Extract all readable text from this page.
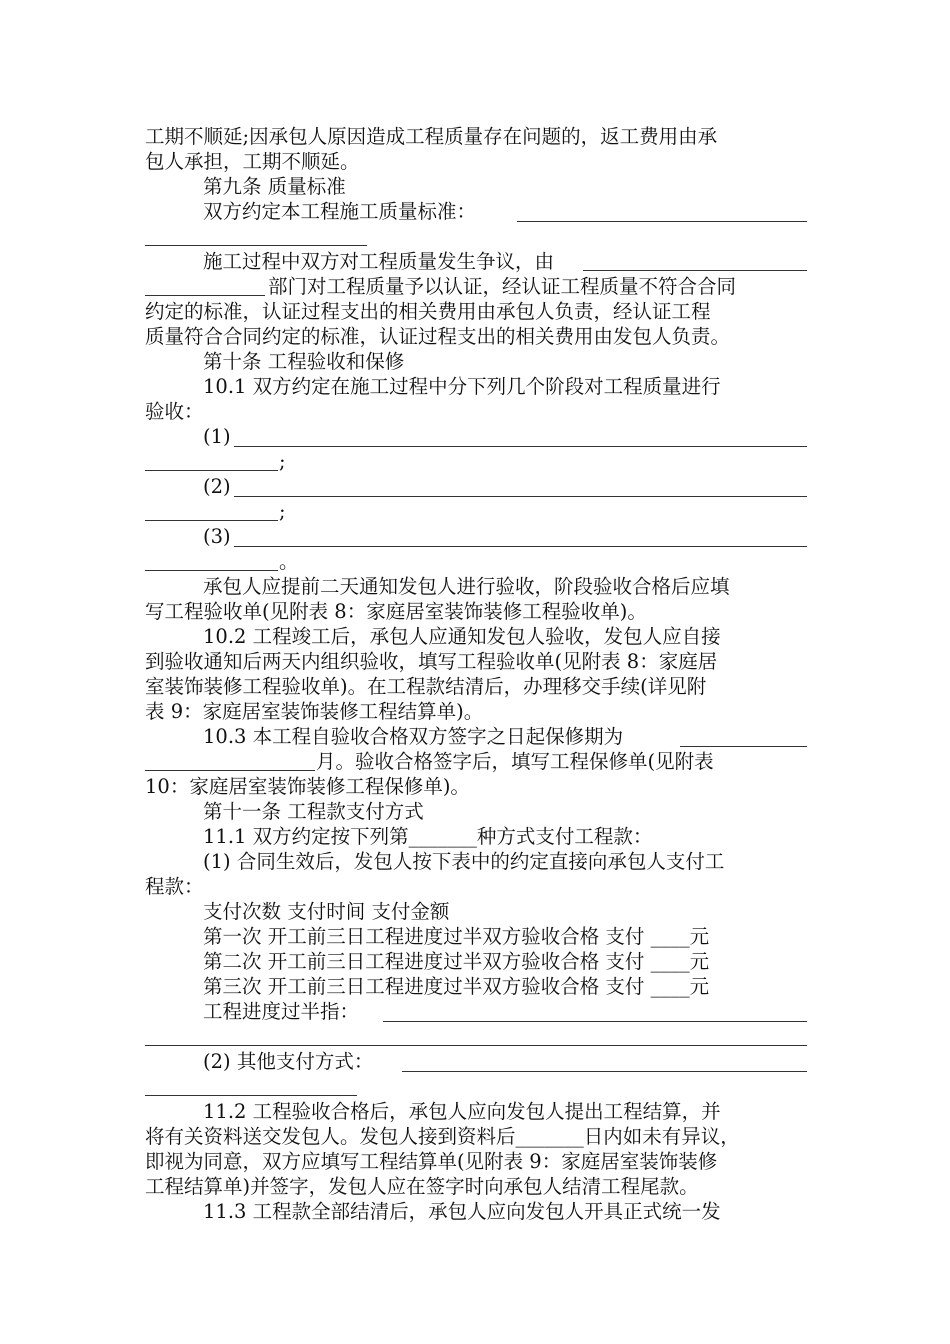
工期不顺延;因承包人原因造成工程质量存在问题的，返工费用由承
包人承担，工期不顺延。
第九条 质量标准
双方约定本工程施工质量标准：
施工过程中双方对工程质量发生争议，由
部门对工程质量予以认证，经认证工程质量不符合合同
约定的标准，认证过程支出的相关费用由承包人负责，经认证工程
质量符合合同约定的标准，认证过程支出的相关费用由发包人负责。
第十条 工程验收和保修
10.1 双方约定在施工过程中分下列几个阶段对工程质量进行
验收：
(1)
;
(2)
;
(3)
。
承包人应提前二天通知发包人进行验收，阶段验收合格后应填
写工程验收单(见附表 8：家庭居室装饰装修工程验收单)。
10.2 工程竣工后，承包人应通知发包人验收，发包人应自接
到验收通知后两天内组织验收，填写工程验收单(见附表 8：家庭居
室装饰装修工程验收单)。在工程款结清后，办理移交手续(详见附
表 9：家庭居室装饰装修工程结算单)。
10.3 本工程自验收合格双方签字之日起保修期为
月。验收合格签字后，填写工程保修单(见附表
10：家庭居室装饰装修工程保修单)。
第十一条 工程款支付方式
11.1 双方约定按下列第_______种方式支付工程款：
(1) 合同生效后，发包人按下表中的约定直接向承包人支付工
程款：
支付次数 支付时间 支付金额
第一次 开工前三日工程进度过半双方验收合格 支付 ____元
第二次 开工前三日工程进度过半双方验收合格 支付 ____元
第三次 开工前三日工程进度过半双方验收合格 支付 ____元
工程进度过半指：
(2) 其他支付方式：
11.2 工程验收合格后，承包人应向发包人提出工程结算，并
将有关资料送交发包人。发包人接到资料后_______日内如未有异议，
即视为同意，双方应填写工程结算单(见附表 9：家庭居室装饰装修
工程结算单)并签字，发包人应在签字时向承包人结清工程尾款。
11.3 工程款全部结清后，承包人应向发包人开具正式统一发
